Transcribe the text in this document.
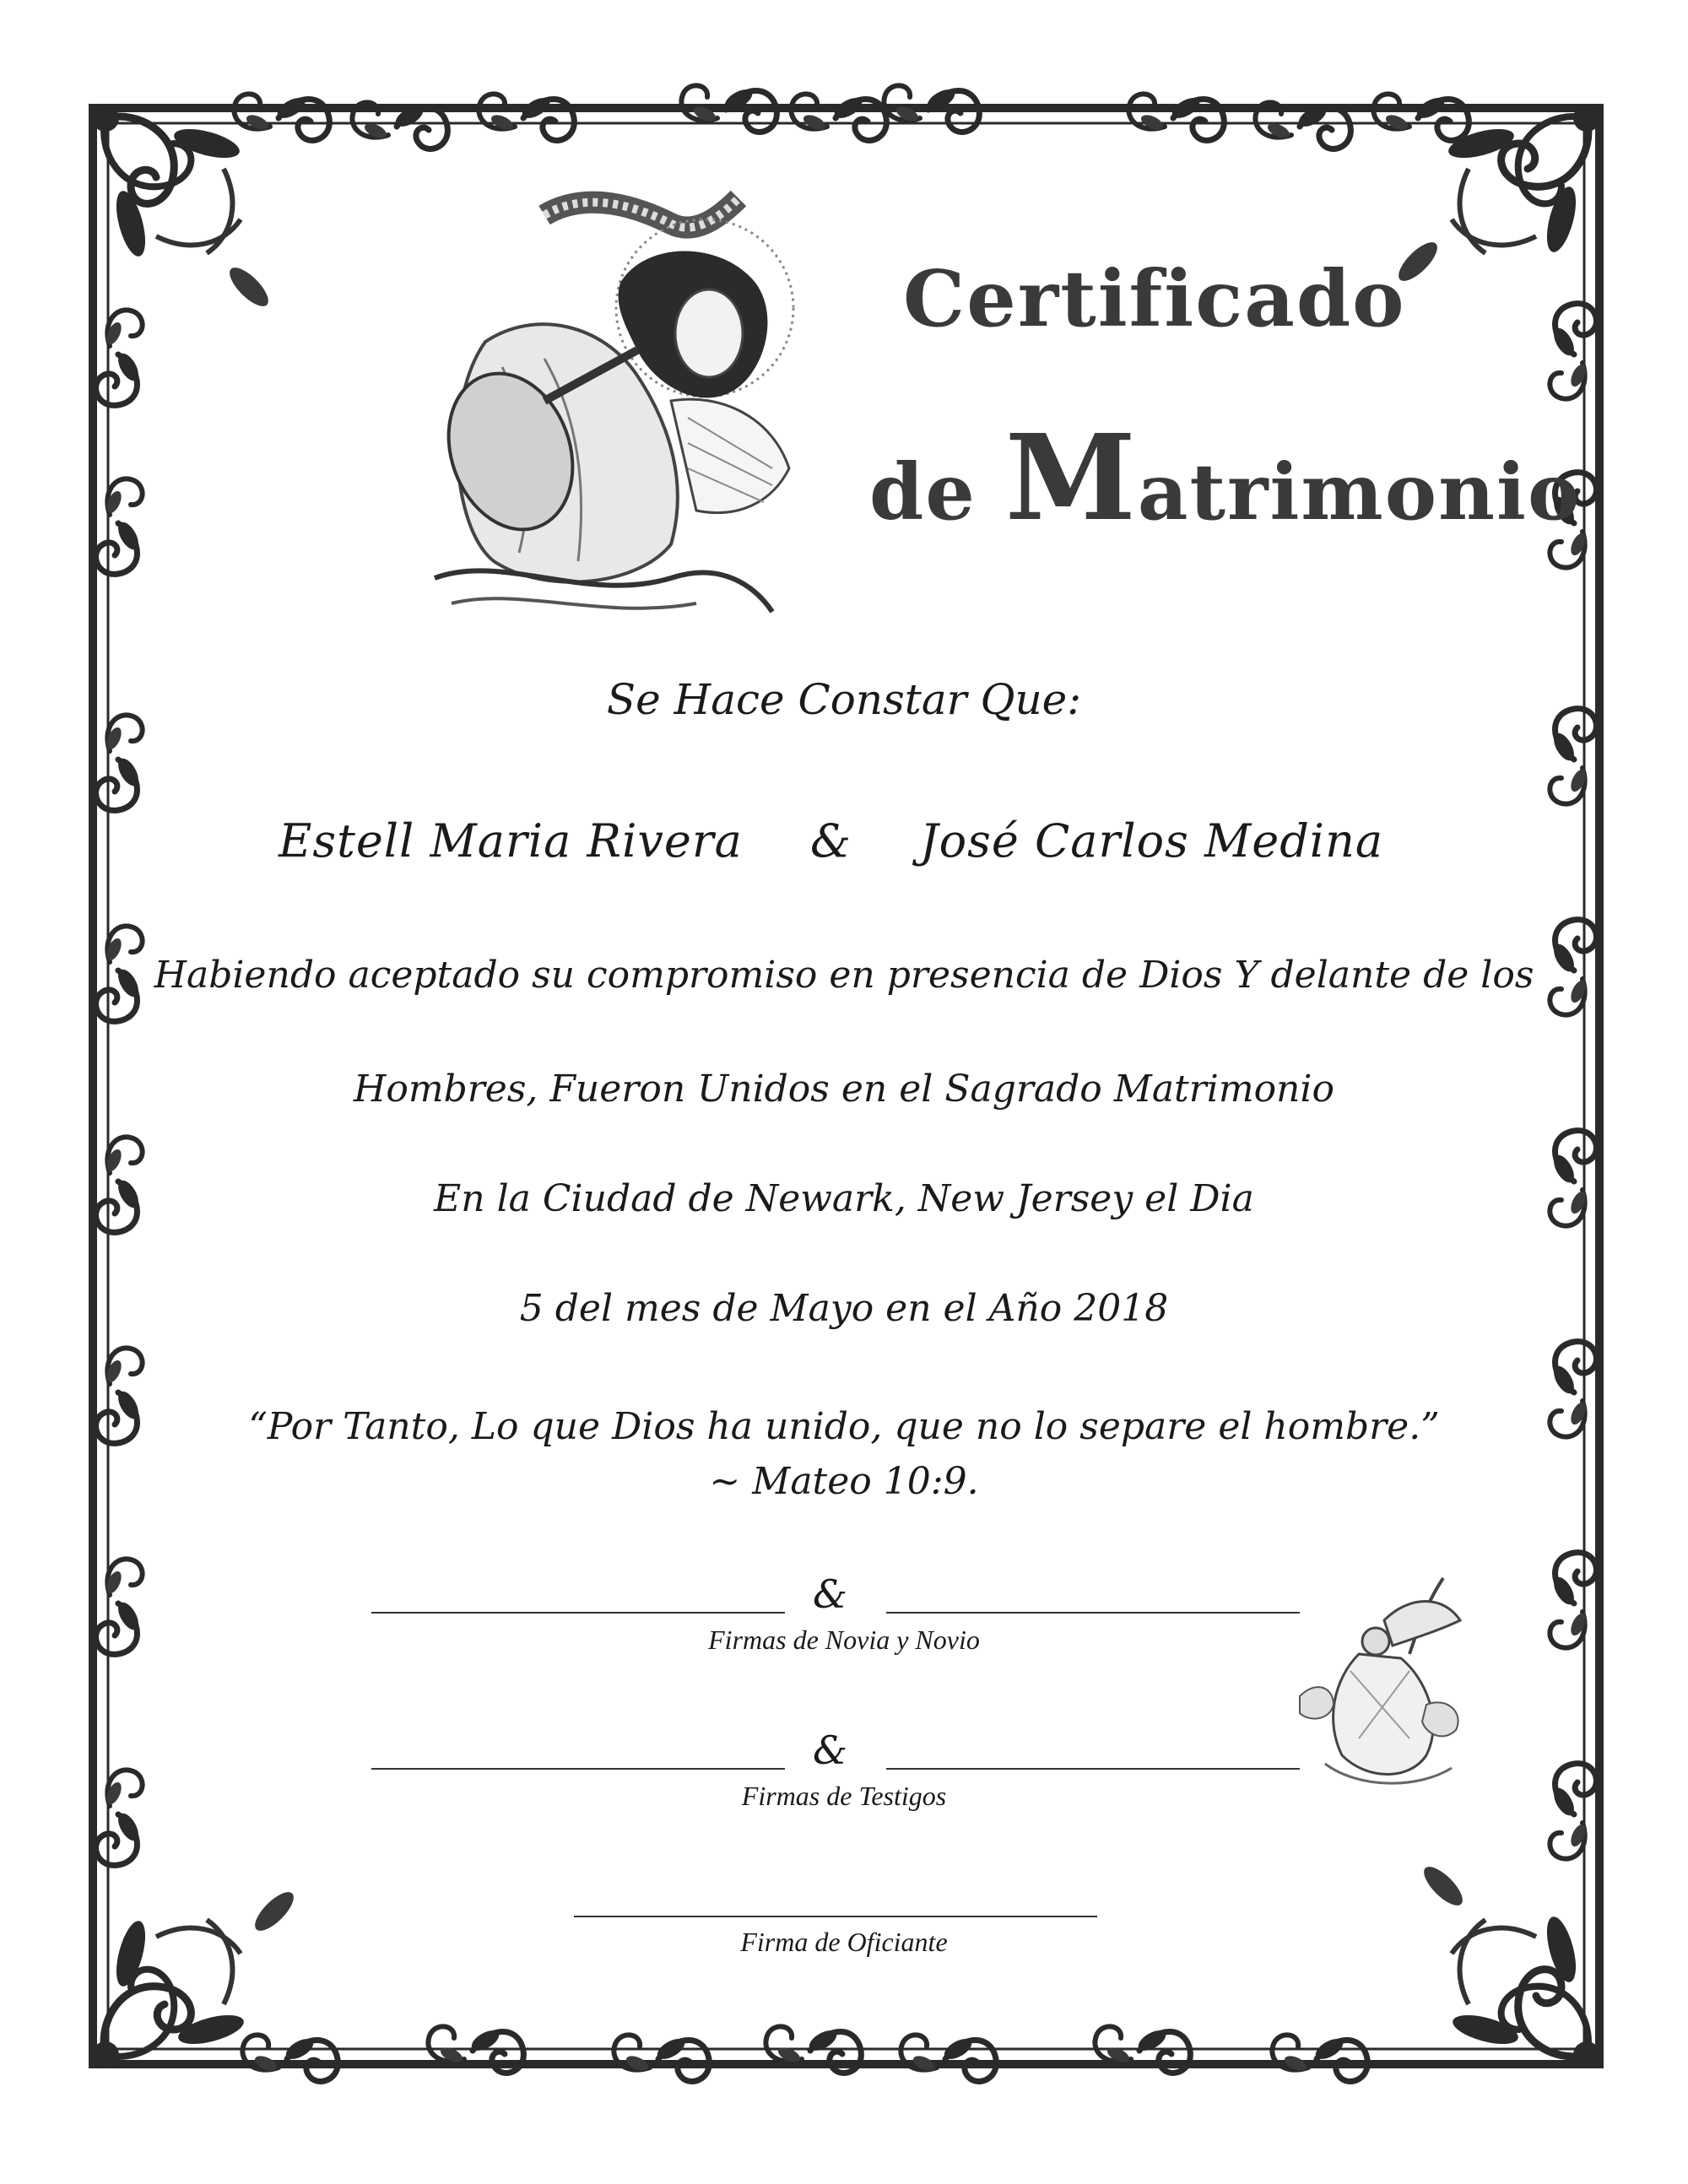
Certificado
de Matrimonio
Se Hace Constar Que:
Estell Maria Rivera & José Carlos Medina
Habiendo aceptado su compromiso en presencia de Dios Y delante de los
Hombres, Fueron Unidos en el Sagrado Matrimonio
En la Ciudad de Newark, New Jersey el Dia
5 del mes de Mayo en el Año 2018
“Por Tanto, Lo que Dios ha unido, que no lo separe el hombre.”
~ Mateo 10:9.
&
Firmas de Novia y Novio
&
Firmas de Testigos
Firma de Oficiante
